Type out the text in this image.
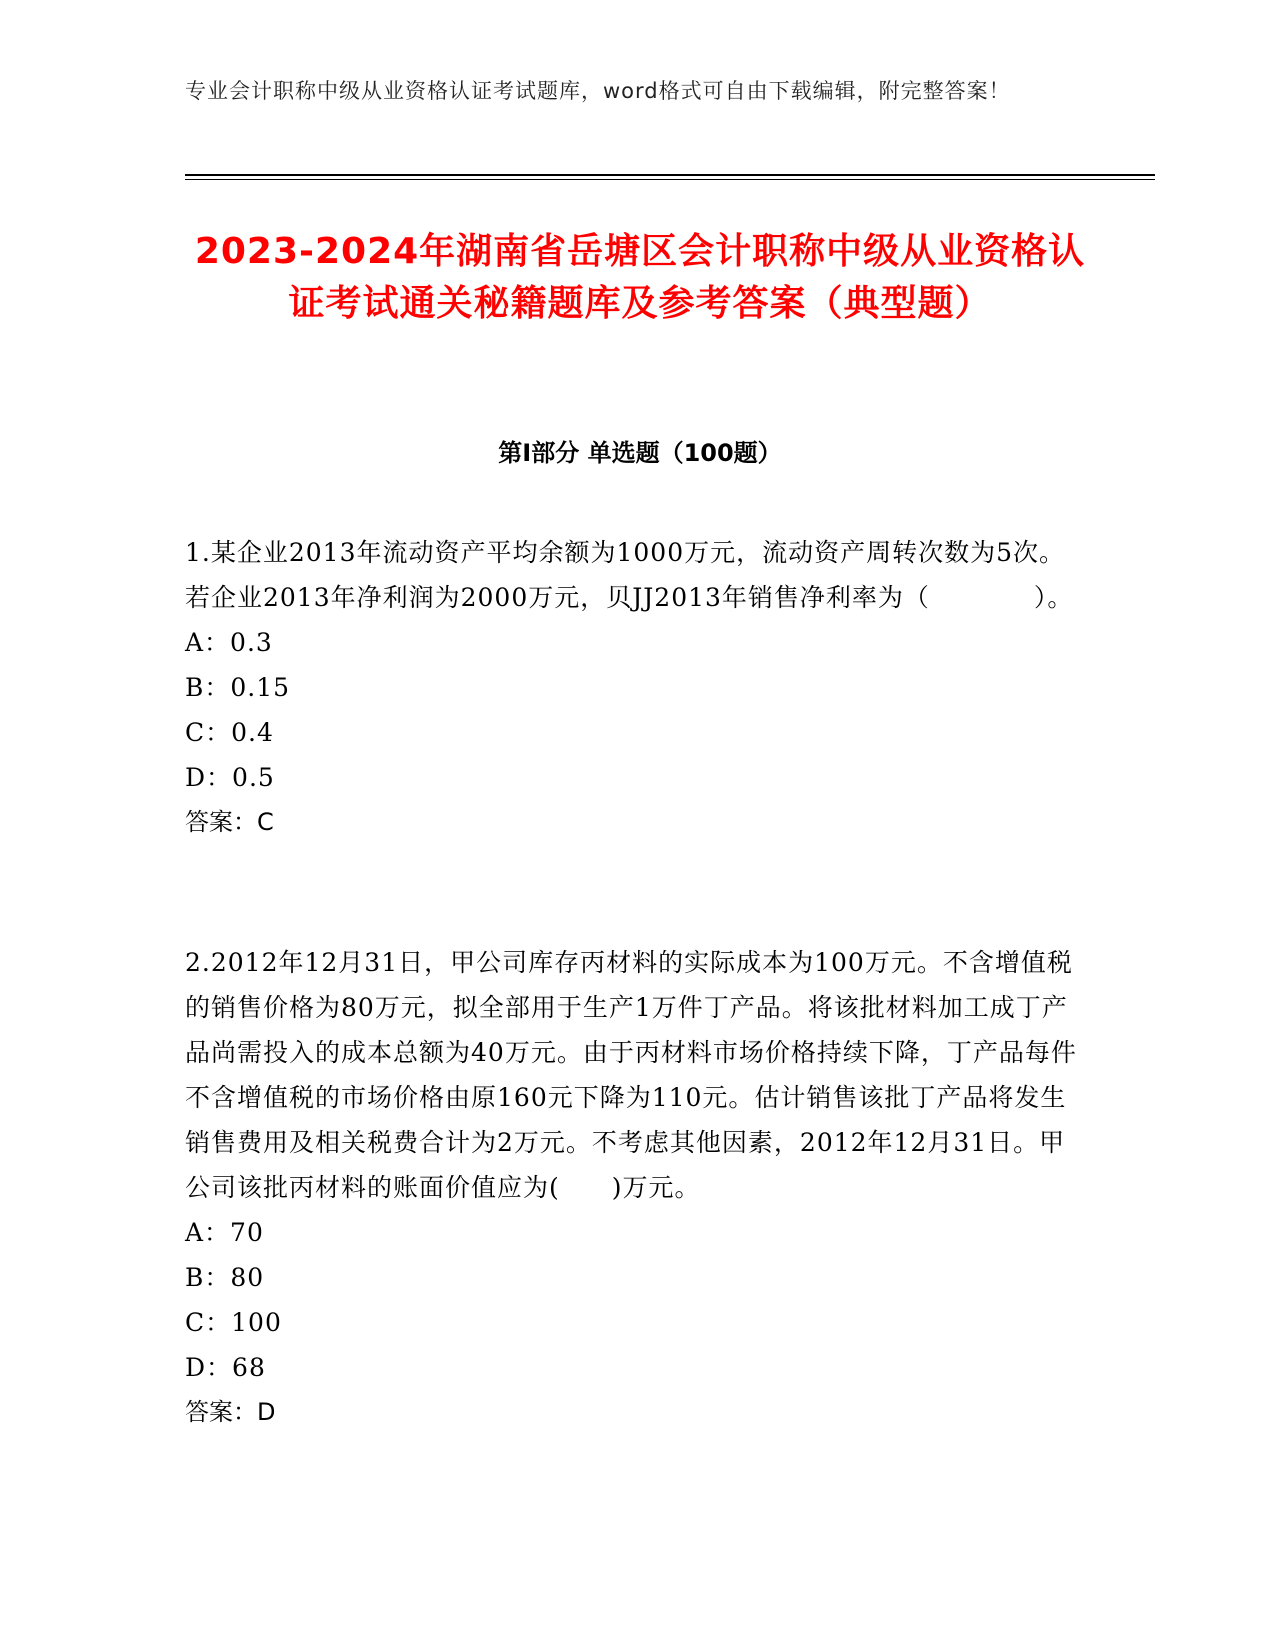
专业会计职称中级从业资格认证考试题库，word格式可自由下载编辑，附完整答案！
2023-2024年湖南省岳塘区会计职称中级从业资格认证考试通关秘籍题库及参考答案（典型题）
第Ⅰ部分 单选题（100题）

1.某企业2013年流动资产平均余额为1000万元，流动资产周转次数为5次。若企业2013年净利润为2000万元，贝JJ2013年销售净利率为（　　　　）。

A：0.3

B：0.15

C：0.4

D：0.5

答案：C

2.2012年12月31日，甲公司库存丙材料的实际成本为100万元。不含增值税的销售价格为80万元，拟全部用于生产1万件丁产品。将该批材料加工成丁产品尚需投入的成本总额为40万元。由于丙材料市场价格持续下降，丁产品每件不含增值税的市场价格由原160元下降为110元。估计销售该批丁产品将发生销售费用及相关税费合计为2万元。不考虑其他因素，2012年12月31日。甲公司该批丙材料的账面价值应为(　　)万元。

A：70

B：80

C：100

D：68

答案：D
